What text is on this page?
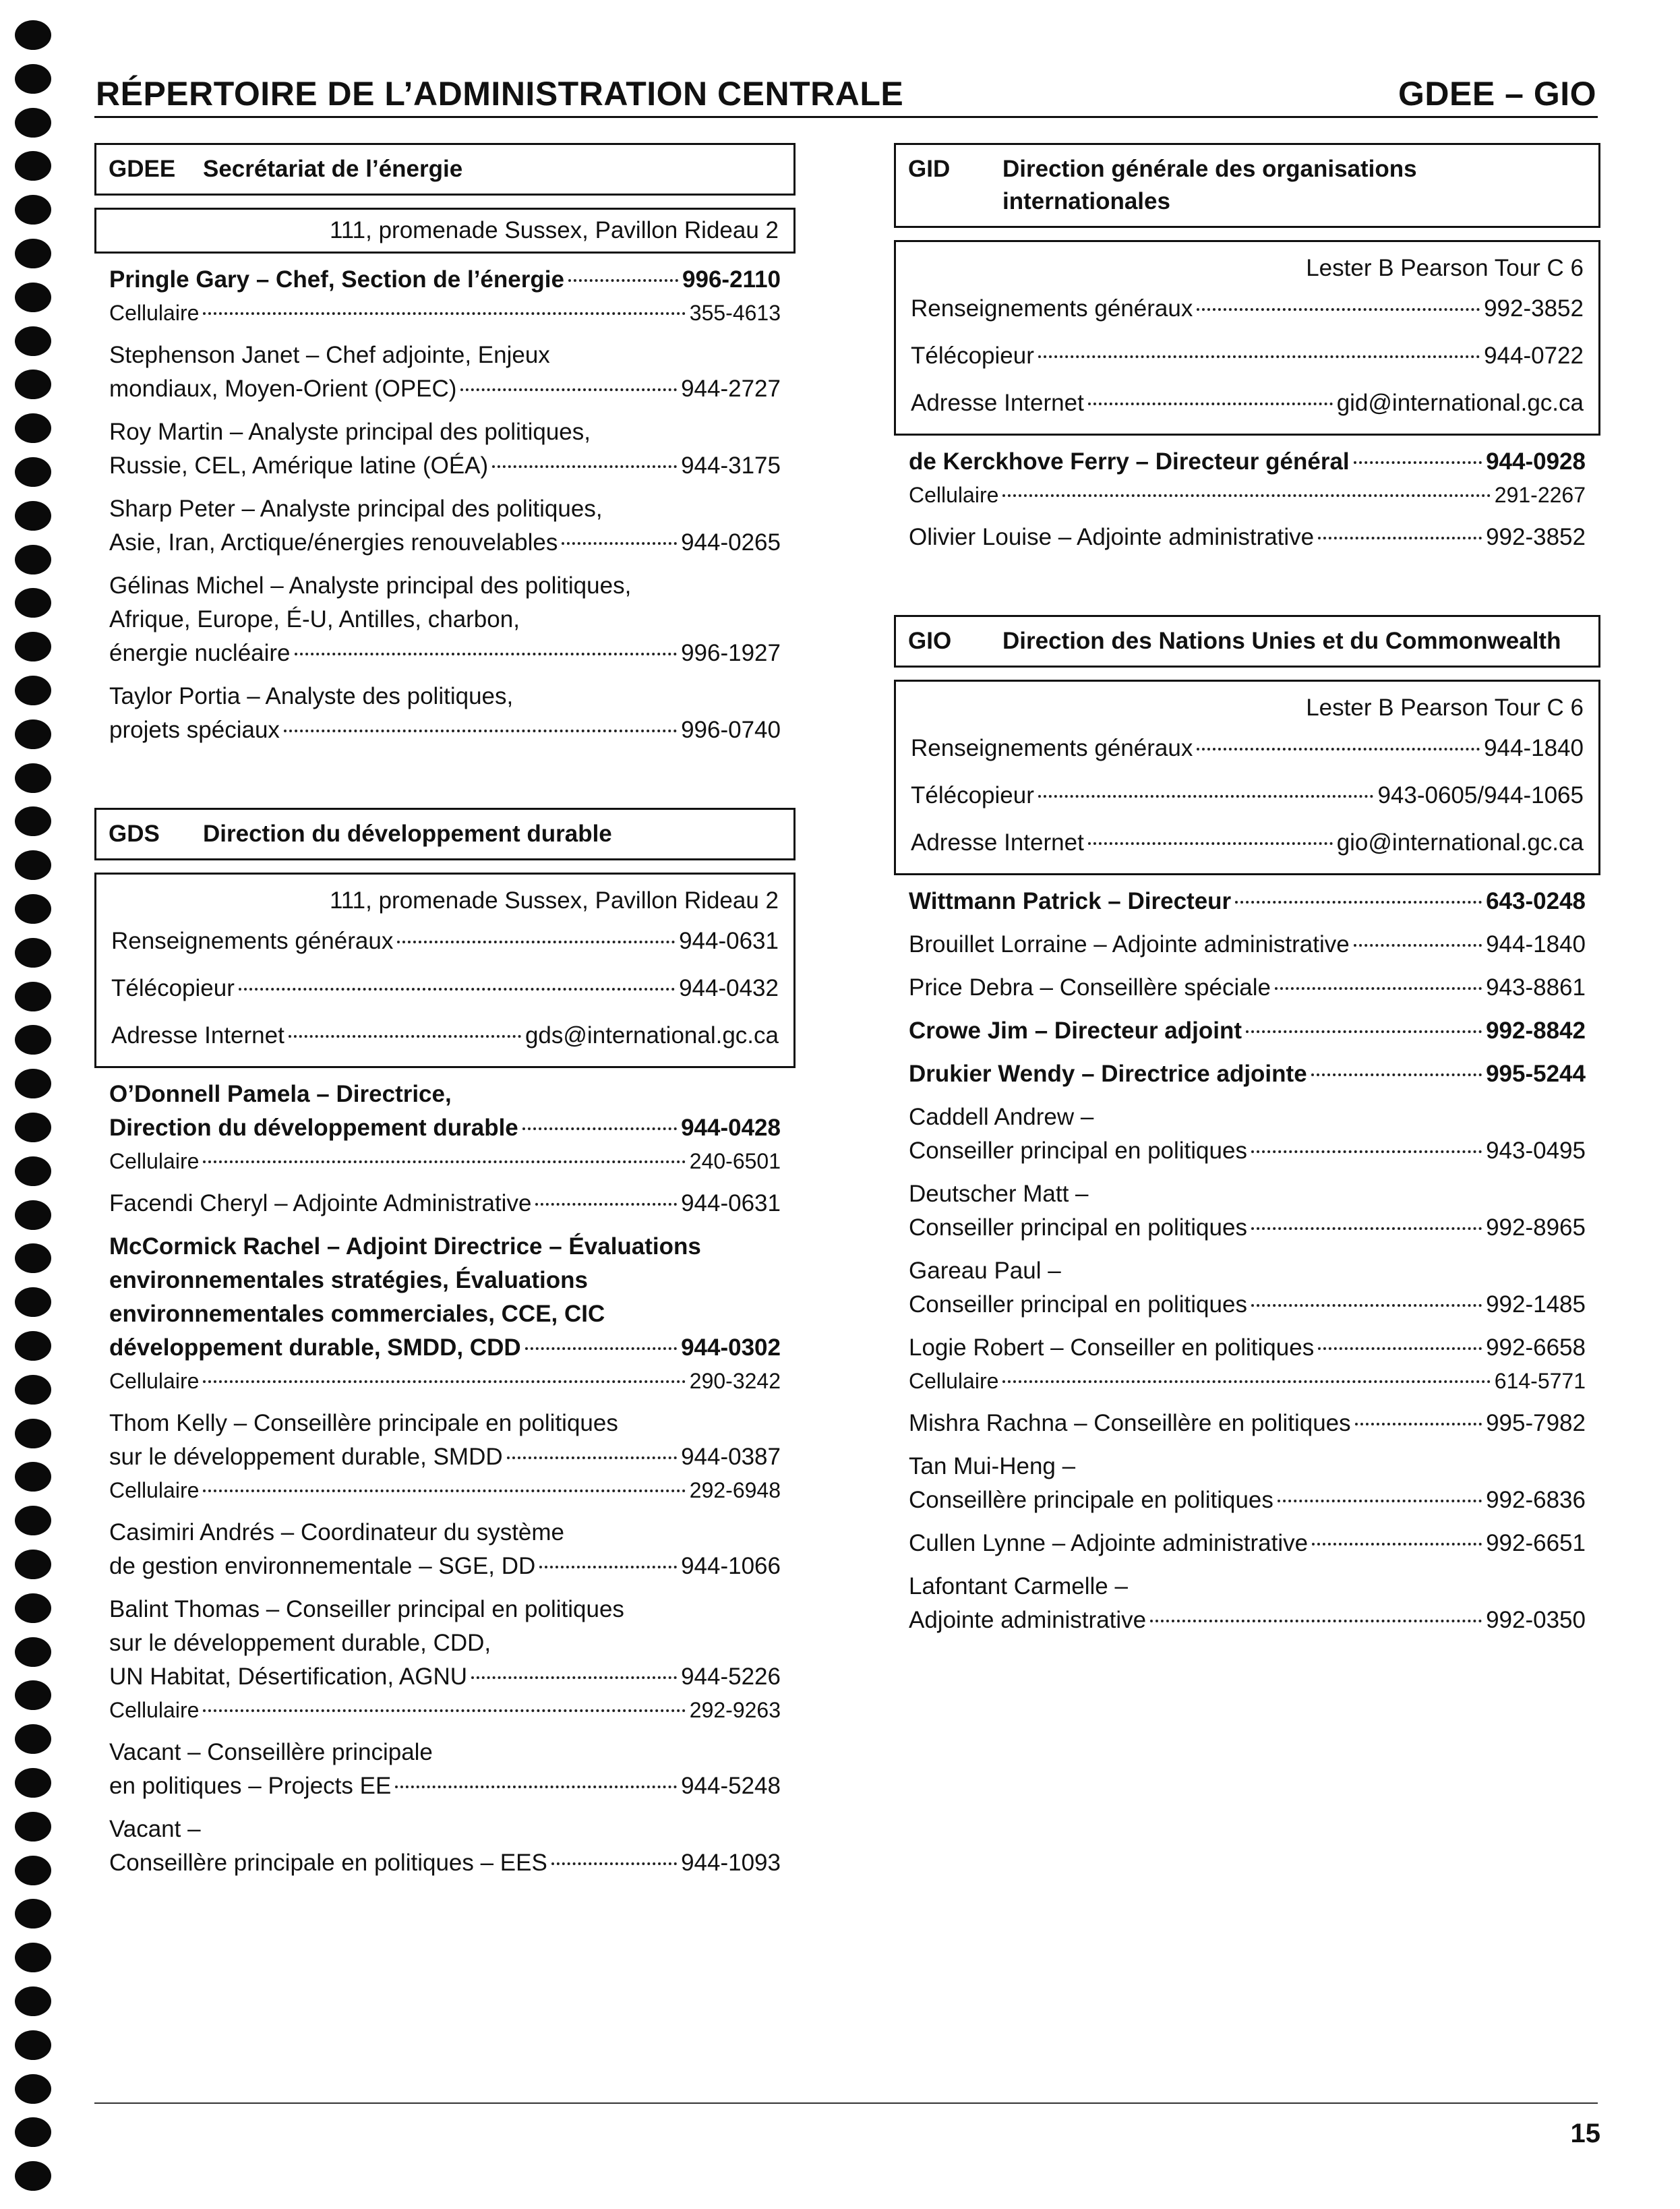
RÉPERTOIRE DE L’ADMINISTRATION CENTRALE	GDEE – GIO
GDEE	Secrétariat de l’énergie
111, promenade Sussex, Pavillon Rideau 2
Pringle Gary – Chef, Section de l’énergie	996-2110
Cellulaire	355-4613
Stephenson Janet – Chef adjointe, Enjeux
mondiaux, Moyen-Orient (OPEC)	944-2727
Roy Martin – Analyste principal des politiques,
Russie, CEL, Amérique latine (OÉA)	944-3175
Sharp Peter – Analyste principal des politiques,
Asie, Iran, Arctique/énergies renouvelables	944-0265
Gélinas Michel – Analyste principal des politiques,
Afrique, Europe, É-U, Antilles, charbon,
énergie nucléaire	996-1927
Taylor Portia – Analyste des politiques,
projets spéciaux	996-0740
GDS	Direction du développement durable
111, promenade Sussex, Pavillon Rideau 2
Renseignements généraux	944-0631
Télécopieur	944-0432
Adresse Internet	gds@international.gc.ca
O’Donnell Pamela – Directrice,
Direction du développement durable	944-0428
Cellulaire	240-6501
Facendi Cheryl – Adjointe Administrative	944-0631
McCormick Rachel – Adjoint Directrice – Évaluations
environnementales stratégies, Évaluations
environnementales commerciales, CCE, CIC
développement durable, SMDD, CDD	944-0302
Cellulaire	290-3242
Thom Kelly – Conseillère principale en politiques
sur le développement durable, SMDD	944-0387
Cellulaire	292-6948
Casimiri Andrés – Coordinateur du système
de gestion environnementale – SGE, DD	944-1066
Balint Thomas – Conseiller principal en politiques
sur le développement durable, CDD,
UN Habitat, Désertification, AGNU	944-5226
Cellulaire	292-9263
Vacant – Conseillère principale
en politiques – Projects EE	944-5248
Vacant –
Conseillère principale en politiques – EES	944-1093
GID	Direction générale des organisations internationales
Lester B Pearson Tour C 6
Renseignements généraux	992-3852
Télécopieur	944-0722
Adresse Internet	gid@international.gc.ca
de Kerckhove Ferry – Directeur général	944-0928
Cellulaire	291-2267
Olivier Louise – Adjointe administrative	992-3852
GIO	Direction des Nations Unies et du Commonwealth
Lester B Pearson Tour C 6
Renseignements généraux	944-1840
Télécopieur	943-0605/944-1065
Adresse Internet	gio@international.gc.ca
Wittmann Patrick – Directeur	643-0248
Brouillet Lorraine – Adjointe administrative	944-1840
Price Debra – Conseillère spéciale	943-8861
Crowe Jim – Directeur adjoint	992-8842
Drukier Wendy – Directrice adjointe	995-5244
Caddell Andrew –
Conseiller principal en politiques	943-0495
Deutscher Matt –
Conseiller principal en politiques	992-8965
Gareau Paul –
Conseiller principal en politiques	992-1485
Logie Robert – Conseiller en politiques	992-6658
Cellulaire	614-5771
Mishra Rachna – Conseillère en politiques	995-7982
Tan Mui-Heng –
Conseillère principale en politiques	992-6836
Cullen Lynne – Adjointe administrative	992-6651
Lafontant Carmelle –
Adjointe administrative	992-0350
15
